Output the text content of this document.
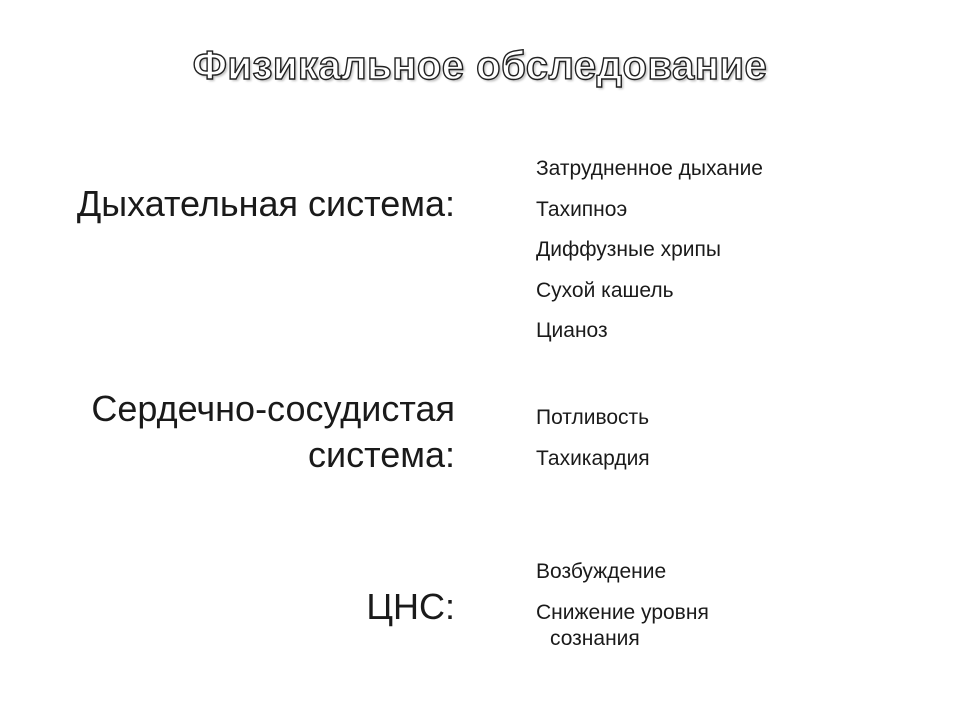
Физикальное обследование
Дыхательная система:
Затрудненное дыхание
Тахипноэ
Диффузные хрипы
Сухой кашель
Цианоз
Сердечно-сосудистая
система:
Потливость
Тахикардия
ЦНС:
Возбуждение
Снижение уровня
сознания
